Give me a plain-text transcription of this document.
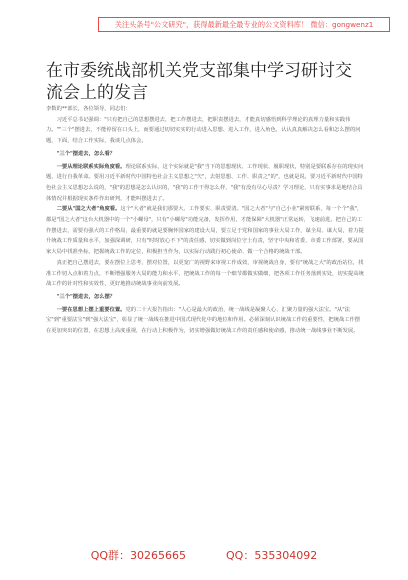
关注头条号"公文研究"，获得最新最全最专业的公文资料库！ 微信：gongwenz1
在市委统战部机关党支部集中学习研讨交流会上的发言

李数的**部长，各位领导，同志们：

习近平总书记强调："只有把自己的思想摆进去，把工作摆进去，把职责摆进去，才能真切感悟到科学理论的真理力量和实践伟力。""三个"摆进去，不能停留在口头上，而要通过切切实实的行动进入思想、进入工作，进入角色，认认真真解决怎么看和怎么摆的问题，下面，结合工作实际，我谈几点体会。

"三个"摆进去，怎么看？

一要从理论联系实际角度看。理论联系实际，这个实际就是"我"当下的思想现状、工作现状、履职现状，特别是要联系存在的现实问题，进行自我革命。要用习近平新时代中国特色社会主义思想之"矢"，去射思想、工作、职责之"的"，也就是说，要习近平新时代中国特色社会主义思想怎么说的，"我"的思想是怎么认识的，"我"的工作干得怎么样，"我"有没有尽心尽责？学习理论，只有实事求是地结合具体情况并根据现实条件作出研判，才能叫摆进去了。

二要从"国之大者"角度看。这个"大者"就是我们那要大、工作要实、职责要清。"国之大者"与"自己小业"紧密联系，每一个个"我"，都是"国之大者"这台大机器中的一个"小螺母"，只有"小螺母"功能完备，发挥作用，才能保障"大机器"正常运转，飞速前进。把自己的工作摆进去，需要有强大的工作格局，最重要的就是要胸怀国家的建设大局，要立足于党和国家的事业大局工作，谋全局、谋大局，着力提升统战工作质量和水平，加强深调研，只有"时时放心不下"的责任感，切实做到岗位守土有责，坚守中央和省委、市委工作部署，要从国家大局中找准坐标，把握统战工作的定位，积极担当作为，以实际行动践行初心使命、做一个合格的统战干部。

真正把自己摆进去，要在摆位上思考，摆对位置，以更宽广的视野来审视工作成效，审视统战自身，要有"统战之大"的政治站位，找准工作切入点和着力点，不断增强服务大局的能力和水平，把统战工作的每一个细节都做实做细，把各项工作任务落到实处，切实提高统战工作的针对性和实效性，更好地推动统战事业向前发展。

"三个"摆进去，怎么摆？

一要在思想上摆上重要位置。党的二十大报告指出："人心是最大的政治，统一战线是凝聚人心、汇聚力量的强大法宝。"从"法宝"到"重要法宝"到"强大法宝"，彰显了统一战线在推进中国式现代化中的地位和作用。必须深刻认识统战工作的重要性，把统战工作摆在更加突出的位置，在思想上高度重视，在行动上积极作为，切实增强做好统战工作的责任感和使命感，推动统一战线事业不断发展。

QQ群：30265665	QQ：535304092
